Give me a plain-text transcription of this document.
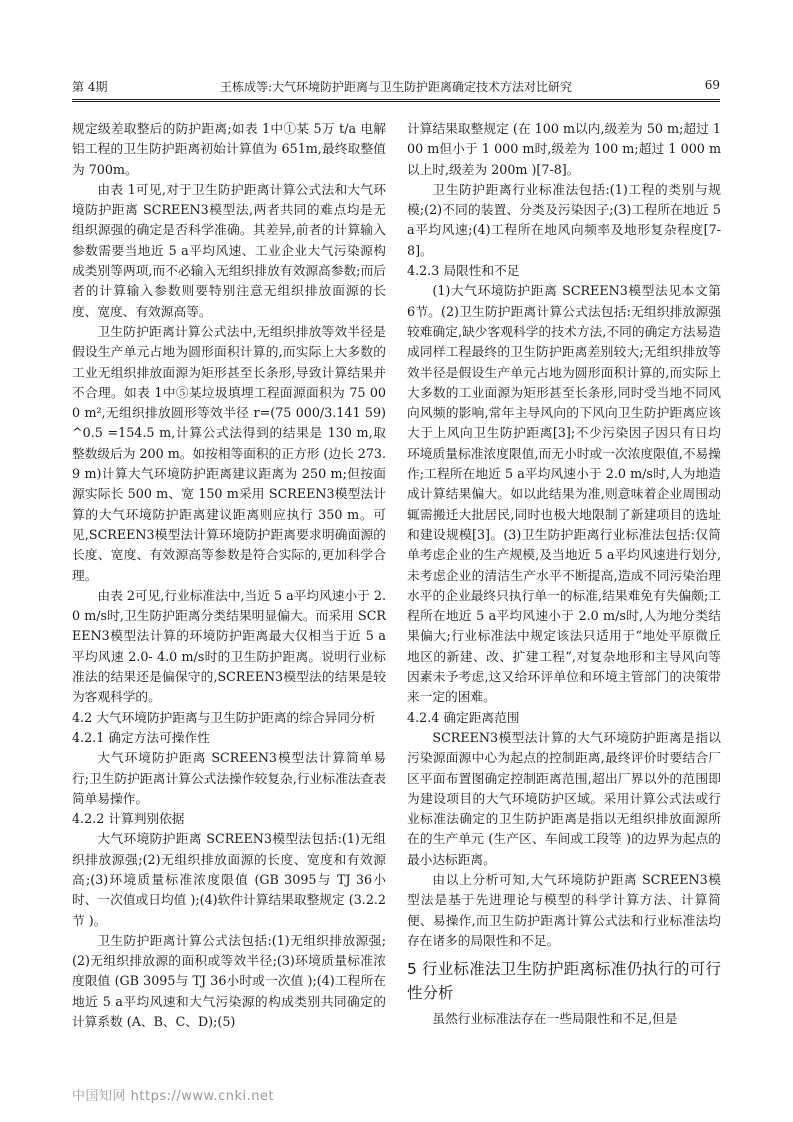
第 4期	王栋成等:大气环境防护距离与卫生防护距离确定技术方法对比研究	69

规定级差取整后的防护距离;如表 1中①某 5万 t/a 电解铝工程的卫生防护距离初始计算值为 651m,最终取整值为 700m。

由表 1可见,对于卫生防护距离计算公式法和大气环境防护距离 SCREEN3模型法,两者共同的难点均是无组织源强的确定是否科学准确。其差异,前者的计算输入参数需要当地近 5 a平均风速、工业企业大气污染源构成类别等两项,而不必输入无组织排放有效源高参数;而后者的计算输入参数则要特别注意无组织排放面源的长度、宽度、有效源高等。

卫生防护距离计算公式法中,无组织排放等效半径是假设生产单元占地为圆形面积计算的,而实际上大多数的工业无组织排放面源为矩形甚至长条形,导致计算结果并不合理。如表 1中⑤某垃圾填埋工程面源面积为 75 000 m²,无组织排放圆形等效半径 r=(75 000/3.141 59)^0.5 =154.5 m,计算公式法得到的结果是 130 m,取整数级后为 200 m。如按相等面积的正方形 (边长 273.9 m)计算大气环境防护距离建议距离为 250 m;但按面源实际长 500 m、宽 150 m采用 SCREEN3模型法计算的大气环境防护距离建议距离则应执行 350 m。可见,SCREEN3模型法计算环境防护距离要求明确面源的长度、宽度、有效源高等参数是符合实际的,更加科学合理。

由表 2可见,行业标准法中,当近 5 a平均风速小于 2.0 m/s时,卫生防护距离分类结果明显偏大。而采用 SCREEN3模型法计算的环境防护距离最大仅相当于近 5 a平均风速 2.0- 4.0 m/s时的卫生防护距离。说明行业标准法的结果还是偏保守的,SCREEN3模型法的结果是较为客观科学的。

4.2 大气环境防护距离与卫生防护距离的综合异同分析

4.2.1 确定方法可操作性

大气环境防护距离 SCREEN3模型法计算简单易行;卫生防护距离计算公式法操作较复杂,行业标准法查表简单易操作。

4.2.2 计算判别依据

大气环境防护距离 SCREEN3模型法包括:(1)无组织排放源强;(2)无组织排放面源的长度、宽度和有效源高;(3)环境质量标准浓度限值 (GB 3095与 TJ 36小时、一次值或日均值 );(4)软件计算结果取整规定 (3.2.2节 )。

卫生防护距离计算公式法包括:(1)无组织排放源强;(2)无组织排放源的面积或等效半径;(3)环境质量标准浓度限值 (GB 3095与 TJ 36小时或一次值 );(4)工程所在地近 5 a平均风速和大气污染源的构成类别共同确定的计算系数 (A、B、C、D);(5)

计算结果取整规定 (在 100 m以内,级差为 50 m;超过 100 m但小于 1 000 m时,级差为 100 m;超过 1 000 m以上时,级差为 200m )[7-8]。

卫生防护距离行业标准法包括:(1)工程的类别与规模;(2)不同的装置、分类及污染因子;(3)工程所在地近 5 a平均风速;(4)工程所在地风向频率及地形复杂程度[7-8]。

4.2.3 局限性和不足

(1)大气环境防护距离 SCREEN3模型法见本文第 6节。(2)卫生防护距离计算公式法包括:无组织排放源强较难确定,缺少客观科学的技术方法,不同的确定方法易造成同样工程最终的卫生防护距离差别较大;无组织排放等效半径是假设生产单元占地为圆形面积计算的,而实际上大多数的工业面源为矩形甚至长条形,同时受当地不同风向风频的影响,常年主导风向的下风向卫生防护距离应该大于上风向卫生防护距离[3];不少污染因子因只有日均环境质量标准浓度限值,而无小时或一次浓度限值,不易操作;工程所在地近 5 a平均风速小于 2.0 m/s时,人为地造成计算结果偏大。如以此结果为准,则意味着企业周围动辄需搬迁大批居民,同时也极大地限制了新建项目的选址和建设规模[3]。(3)卫生防护距离行业标准法包括:仅简单考虑企业的生产规模,及当地近 5 a平均风速进行划分,未考虑企业的清洁生产水平不断提高,造成不同污染治理水平的企业最终只执行单一的标准,结果难免有失偏颇;工程所在地近 5 a平均风速小于 2.0 m/s时,人为地分类结果偏大;行业标准法中规定该法只适用于“地处平原微丘地区的新建、改、扩建工程”,对复杂地形和主导风向等因素未予考虑,这又给环评单位和环境主管部门的决策带来一定的困难。

4.2.4 确定距离范围

SCREEN3模型法计算的大气环境防护距离是指以污染源面源中心为起点的控制距离,最终评价时要结合厂区平面布置图确定控制距离范围,超出厂界以外的范围即为建设项目的大气环境防护区域。采用计算公式法或行业标准法确定的卫生防护距离是指以无组织排放面源所在的生产单元 (生产区、车间或工段等 )的边界为起点的最小达标距离。

由以上分析可知,大气环境防护距离 SCREEN3模型法是基于先进理论与模型的科学计算方法、计算简便、易操作,而卫生防护距离计算公式法和行业标准法均存在诸多的局限性和不足。

5 行业标准法卫生防护距离标准仍执行的可行性分析

虽然行业标准法存在一些局限性和不足,但是

中国知网 https://www.cnki.net
